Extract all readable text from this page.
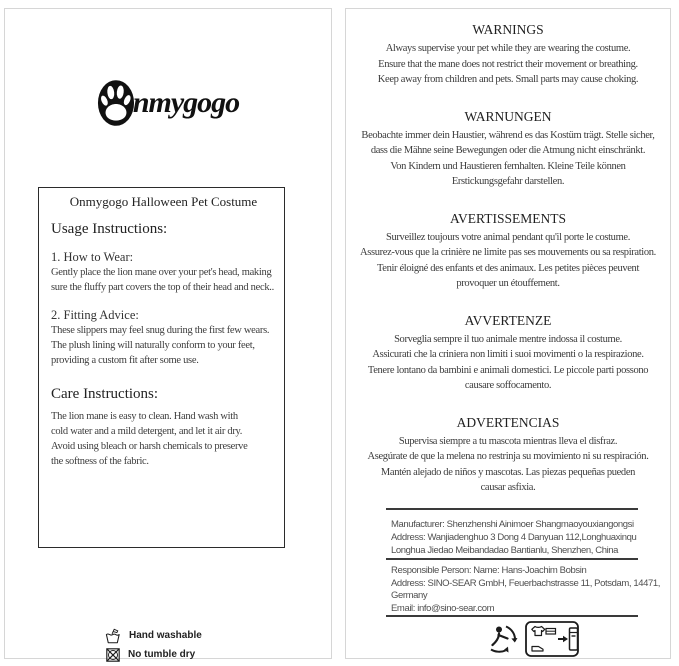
nmygogo
Onmygogo Halloween Pet Costume
Usage Instructions:
1. How to Wear:
Gently place the lion mane over your pet's head, making
sure the fluffy part covers the top of their head and neck..
2. Fitting Advice:
These slippers may feel snug during the first few wears.
The plush lining will naturally conform to your feet,
providing a custom fit after some use.
Care Instructions:
The lion mane is easy to clean. Hand wash with
cold water and a mild detergent, and let it air dry.
Avoid using bleach or harsh chemicals to preserve
the softness of the fabric.
Hand washable
No tumble dry
WARNINGS
Always supervise your pet while they are wearing the costume.
Ensure that the mane does not restrict their movement or breathing.
Keep away from children and pets. Small parts may cause choking.
WARNUNGEN
Beobachte immer dein Haustier, während es das Kostüm trägt. Stelle sicher,
dass die Mähne seine Bewegungen oder die Atmung nicht einschränkt.
Von Kindern und Haustieren fernhalten. Kleine Teile können
Erstickungsgefahr darstellen.
AVERTISSEMENTS
Surveillez toujours votre animal pendant qu'il porte le costume.
Assurez-vous que la crinière ne limite pas ses mouvements ou sa respiration.
Tenir éloigné des enfants et des animaux. Les petites pièces peuvent
provoquer un étouffement.
AVVERTENZE
Sorveglia sempre il tuo animale mentre indossa il costume.
Assicurati che la criniera non limiti i suoi movimenti o la respirazione.
Tenere lontano da bambini e animali domestici. Le piccole parti possono
causare soffocamento.
ADVERTENCIAS
Supervisa siempre a tu mascota mientras lleva el disfraz.
Asegúrate de que la melena no restrinja su movimiento ni su respiración.
Mantén alejado de niños y mascotas. Las piezas pequeñas pueden
causar asfixia.
Manufacturer: Shenzhenshi Ainimoer Shangmaoyouxiangongsi
Address: Wanjiadenghuo 3 Dong 4 Danyuan 112,Longhuaxinqu
Longhua Jiedao Meibandadao Bantianlu, Shenzhen, China
Responsible Person: Name: Hans-Joachim Bobsin
Address: SINO-SEAR GmbH, Feuerbachstrasse 11, Potsdam, 14471,
Germany
Email: info@sino-sear.com
